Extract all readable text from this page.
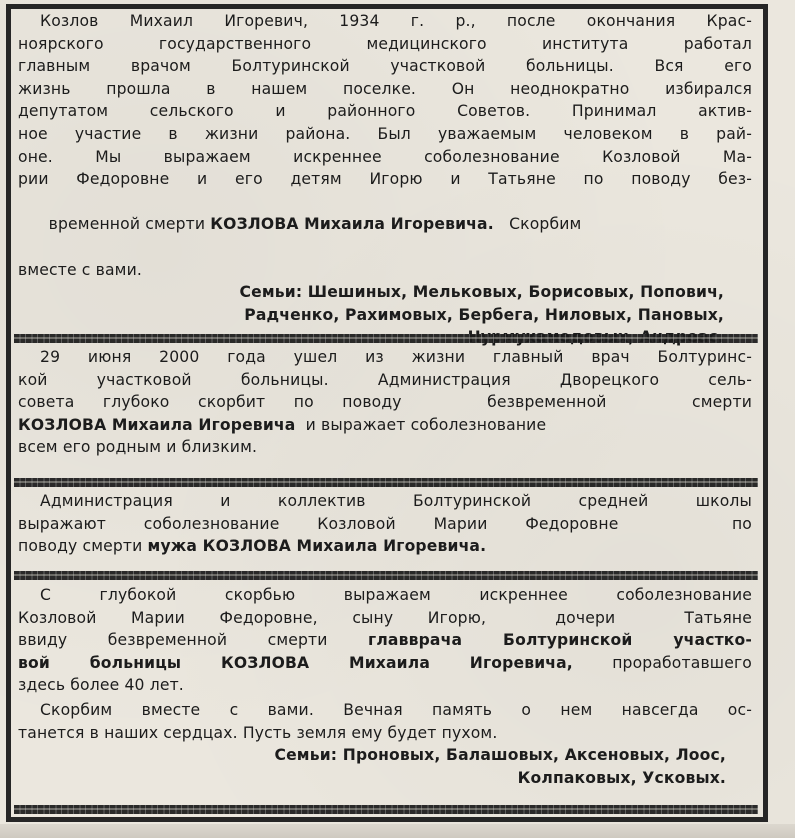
Козлов Михаил Игоревич, 1934 г. р., после окончания Крас-

ноярского государственного медицинского института работал

главным врачом Болтуринской участковой больницы. Вся его

жизнь прошла в нашем поселке. Он неоднократно избирался

депутатом сельского и районного Советов. Принимал актив-

ное участие в жизни района. Был уважаемым человеком в рай-

оне. Мы выражаем искреннее соболезнование Козловой Ма-

рии Федоровне и его детям Игорю и Татьяне по поводу без-

временной смерти КОЗЛОВА Михаила Игоревича.   Скорбим

вместе с вами.

Семьи: Шешиных, Мельковых, Борисовых, Попович,

Радченко, Рахимовых, Бербега, Ниловых, Пановых,

29 июня 2000 года ушел из жизни главный врач Болтуринс-

кой участковой больницы. Администрация Дворецкого сель-

совета глубоко скорбит по поводу   безвременной   смерти

КОЗЛОВА Михаила Игоревича  и выражает соболезнование

всем его родным и близким.

Администрация и коллектив Болтуринской средней школы

выражают соболезнование Козловой Марии Федоровне   по

поводу смерти мужа КОЗЛОВА Михаила Игоревича.

С глубокой скорбью выражаем искреннее соболезнование

Козловой Марии Федоровне, сыну Игорю,  дочери  Татьяне

ввиду безвременной смерти главврача Болтуринской участко-

вой больницы КОЗЛОВА Михаила Игоревича, проработавшего

здесь более 40 лет.

Скорбим вместе с вами. Вечная память о нем навсегда ос-

танется в наших сердцах. Пусть земля ему будет пухом.

Семьи: Проновых, Балашовых, Аксеновых, Лоос,

Колпаковых, Усковых.
